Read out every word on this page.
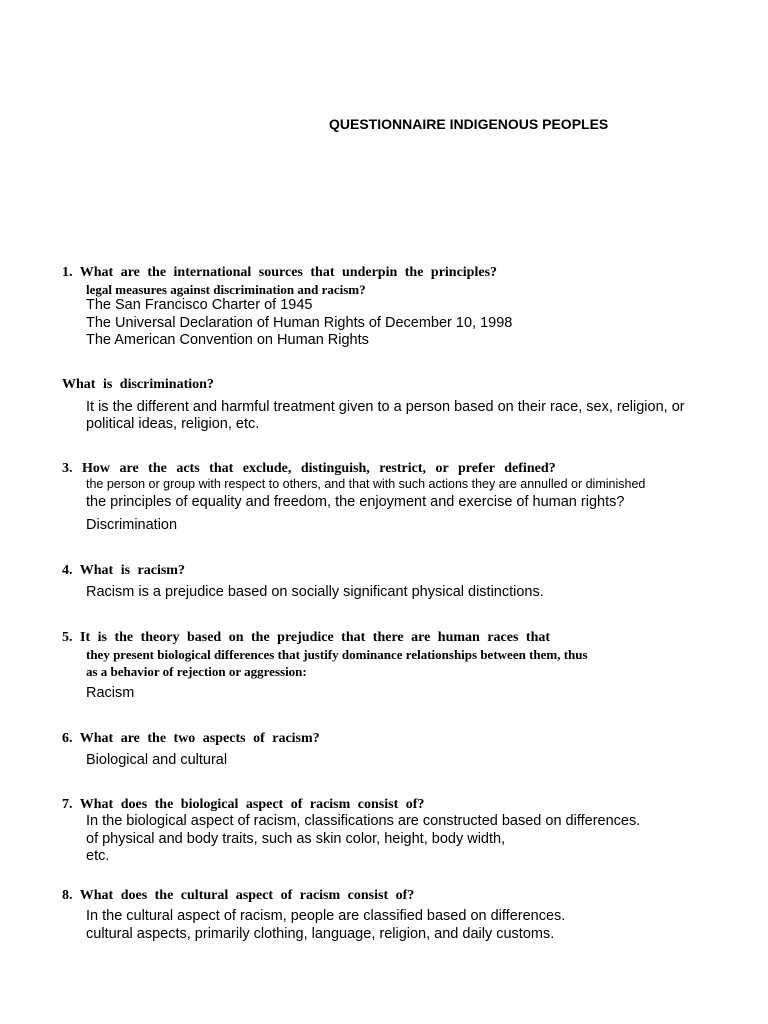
QUESTIONNAIRE INDIGENOUS PEOPLES
1. What are the international sources that underpin the principles?
legal measures against discrimination and racism?
The San Francisco Charter of 1945
The Universal Declaration of Human Rights of December 10, 1998
The American Convention on Human Rights
What is discrimination?
It is the different and harmful treatment given to a person based on their race, sex, religion, or
political ideas, religion, etc.
3. How are the acts that exclude, distinguish, restrict, or prefer defined?
the person or group with respect to others, and that with such actions they are annulled or diminished
the principles of equality and freedom, the enjoyment and exercise of human rights?
Discrimination
4. What is racism?
Racism is a prejudice based on socially significant physical distinctions.
5. It is the theory based on the prejudice that there are human races that
they present biological differences that justify dominance relationships between them, thus
as a behavior of rejection or aggression:
Racism
6. What are the two aspects of racism?
Biological and cultural
7. What does the biological aspect of racism consist of?
In the biological aspect of racism, classifications are constructed based on differences.
of physical and body traits, such as skin color, height, body width,
etc.
8. What does the cultural aspect of racism consist of?
In the cultural aspect of racism, people are classified based on differences.
cultural aspects, primarily clothing, language, religion, and daily customs.
